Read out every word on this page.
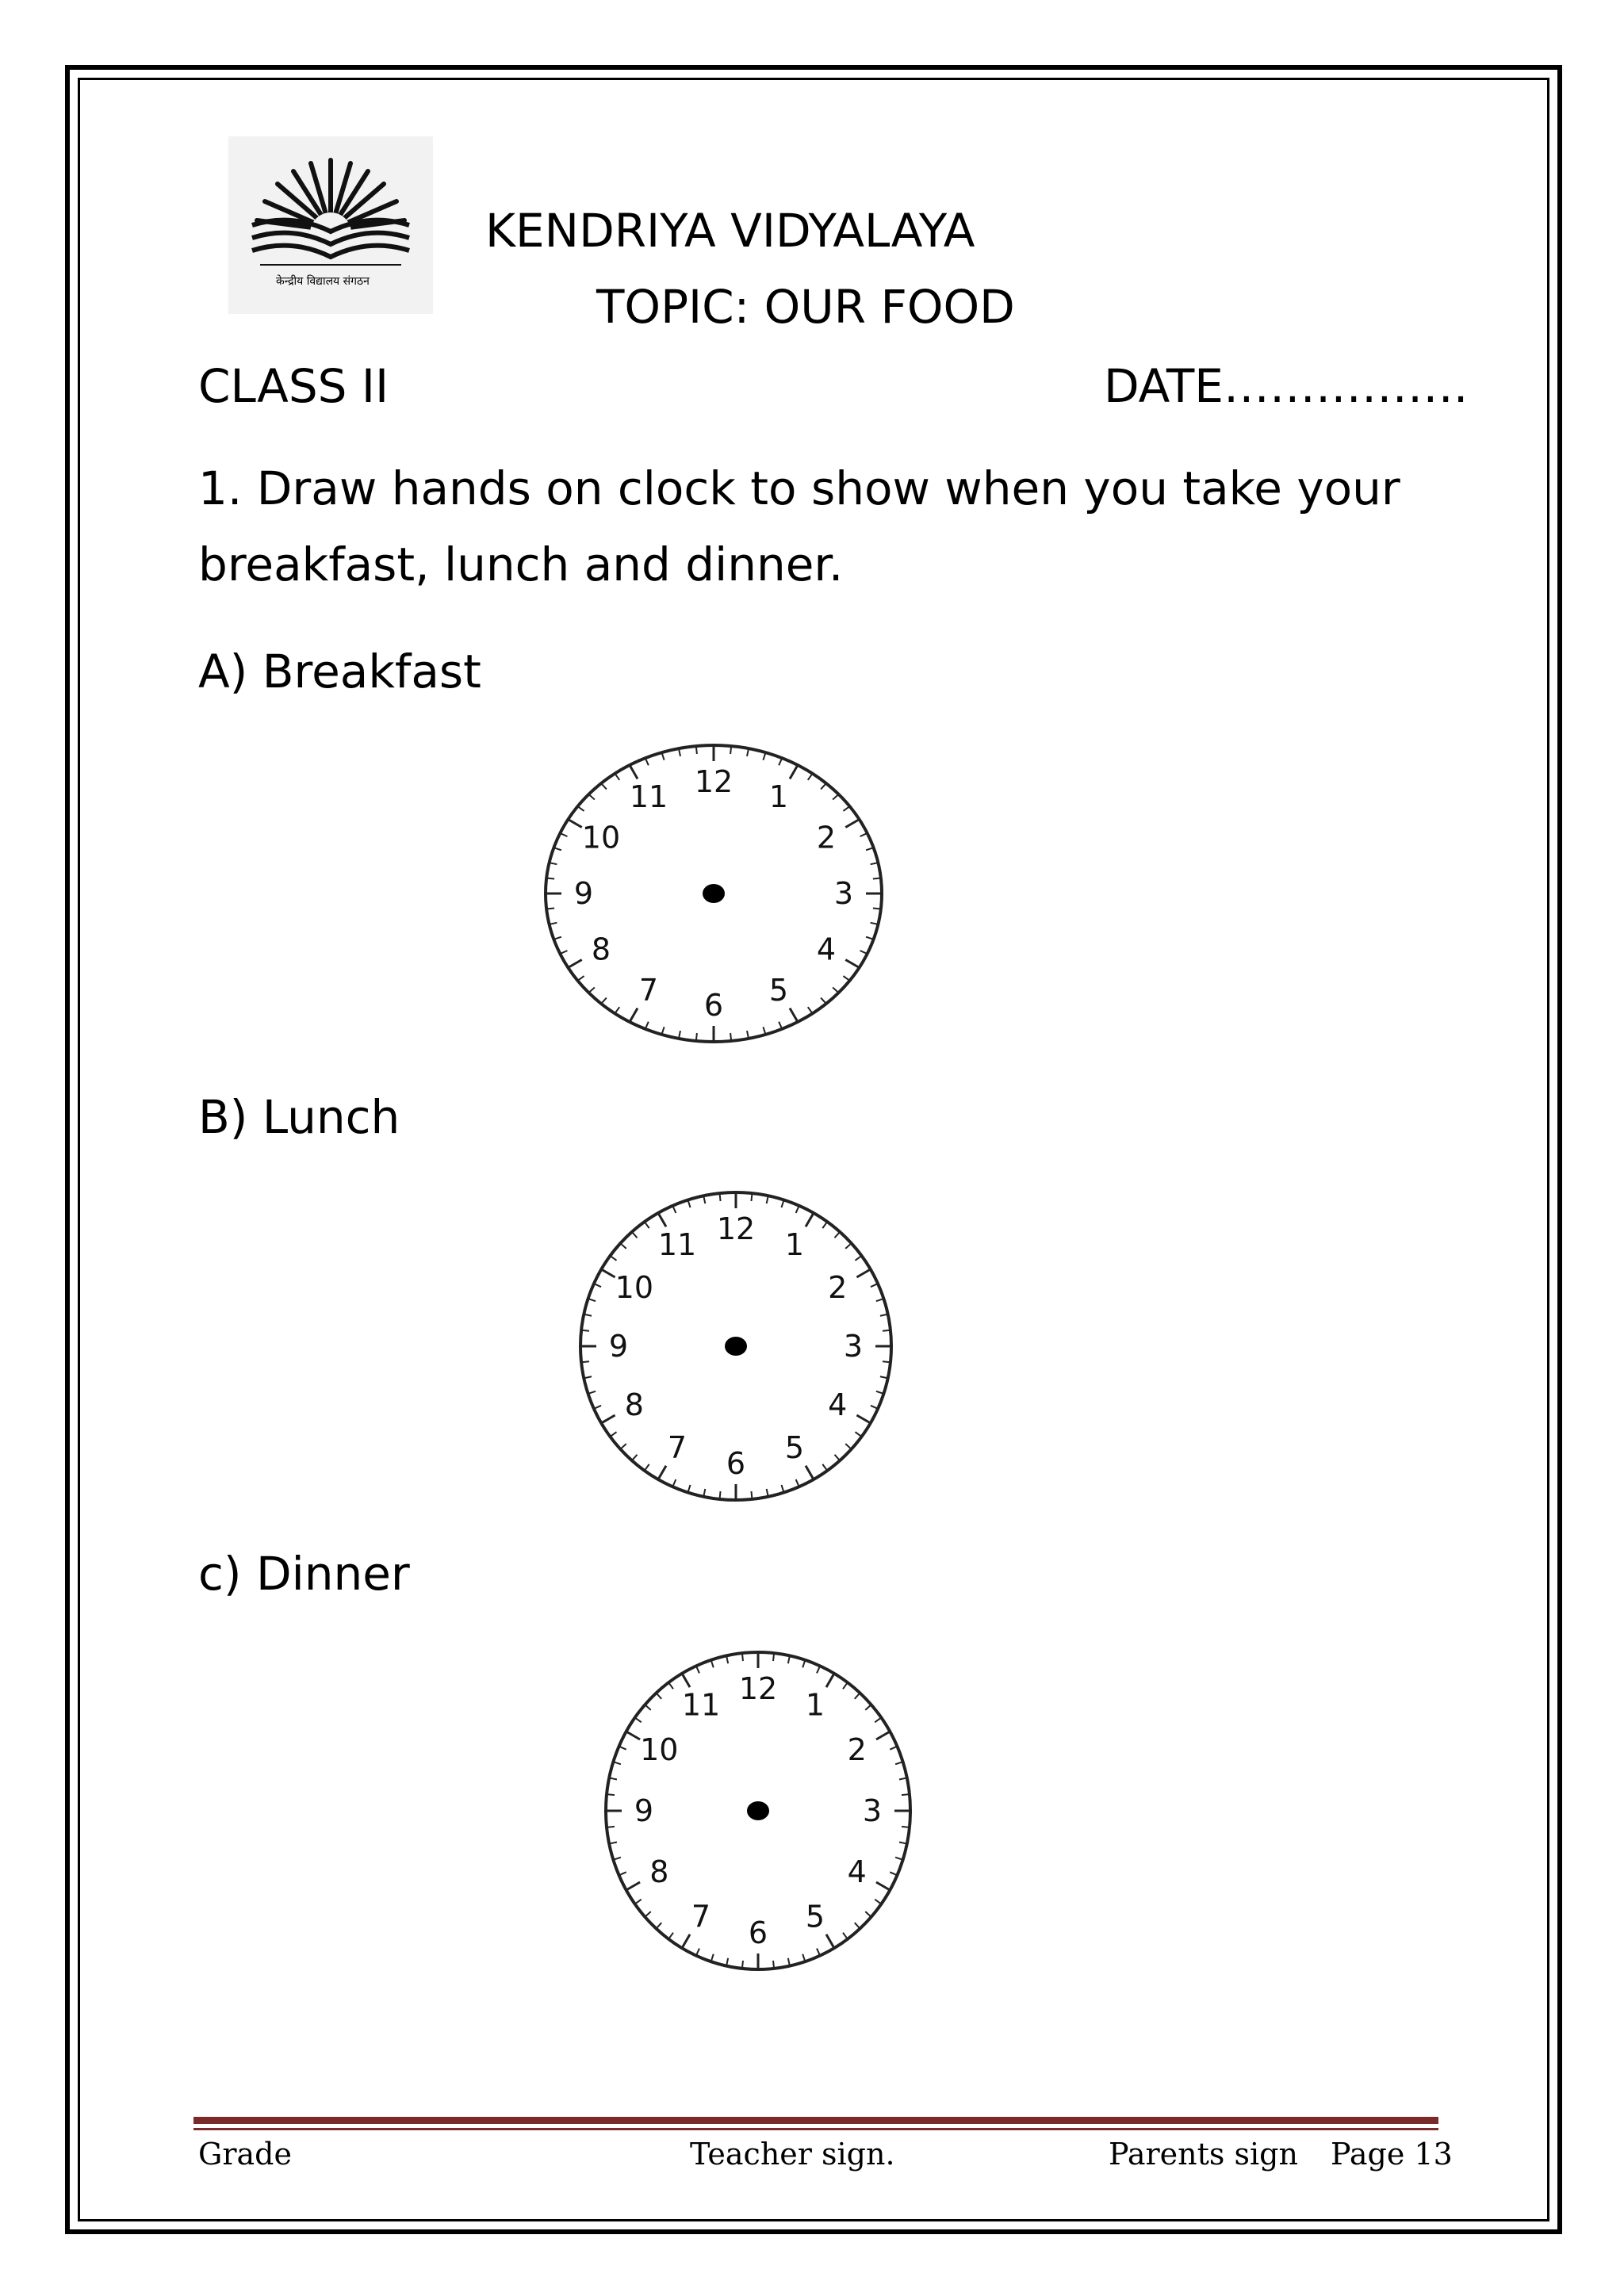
केन्द्रीय विद्यालय संगठन
KENDRIYA VIDYALAYA
TOPIC: OUR FOOD
CLASS II	DATE…………….
1. Draw hands on clock to show when you take your
breakfast, lunch and dinner.
A) Breakfast
12 1
2
3
4
5
6
7
8
9
10
11
B) Lunch
12 1
2
3
4
5
6
7
8
9
10
11
c) Dinner
12 1
2
3
4
5
6
7
8
9
10
11
Grade	Teacher sign.	Parents sign Page 13
